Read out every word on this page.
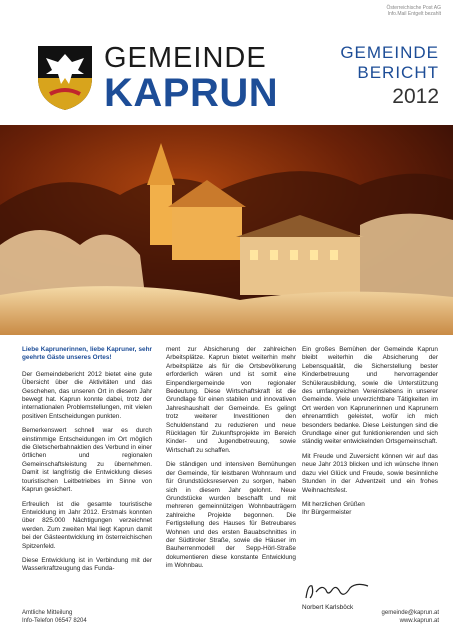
Österreichische Post AG
Info.Mail Entgelt bezahlt
GEMEINDE
KAPRUN
GEMEINDE
BERICHT
2012

Liebe Kaprunerinnen, liebe Kapruner, sehr geehrte Gäste unseres Ortes!

Der Gemeindebericht 2012 bietet eine gute Übersicht über die Aktivitäten und das Geschehen, das unseren Ort in diesem Jahr bewegt hat. Kaprun konnte dabei, trotz der internationalen Problemstellungen, mit vielen positiven Entscheidungen punkten.

Bemerkenswert schnell war es durch einstimmige Entscheidungen im Ort möglich die Gletscherbahnaktien des Verbund in einer örtlichen und regionalen Gemeinschaftsleistung zu übernehmen. Damit ist langfristig die Entwicklung dieses touristischen Leitbetriebes im Sinne von Kaprun gesichert.

Erfreulich ist die gesamte touristische Entwicklung im Jahr 2012. Erstmals konnten über 825.000 Nächtigungen verzeichnet werden. Zum zweiten Mal liegt Kaprun damit bei der Gästeentwicklung im österreichischen Spitzenfeld.

Diese Entwicklung ist in Verbindung mit der Wasserkraftzeugung das Funda-

ment zur Absicherung der zahlreichen Arbeitsplätze. Kaprun bietet weiterhin mehr Arbeitsplätze als für die Ortsbevölkerung erforderlich wären und ist somit eine Einpendlergemeinde von regionaler Bedeutung. Diese Wirtschaftskraft ist die Grundlage für einen stabilen und innovativen Jahreshaushalt der Gemeinde. Es gelingt trotz weiterer Investitionen den Schuldenstand zu reduzieren und neue Rücklagen für Zukunftsprojekte im Bereich Kinder- und Jugendbetreuung, sowie Wirtschaft zu schaffen.

Die ständigen und intensiven Bemühungen der Gemeinde, für leistbaren Wohnraum und für Grundstücksreserven zu sorgen, haben sich in diesem Jahr gelohnt. Neue Grundstücke wurden beschafft und mit mehreren gemeinnützigen Wohnbauträgern zahlreiche Projekte begonnen. Die Fertigstellung des Hauses für Betreubares Wohnen und des ersten Bauabschnittes in der Südtiroler Straße, sowie die Häuser im Bauherrenmodell der Sepp-Hörl-Straße dokumentieren diese konstante Entwicklung im Wohnbau.

Ein großes Bemühen der Gemeinde Kaprun bleibt weiterhin die Absicherung der Lebensqualität, die Sicherstellung bester Kinderbetreuung und hervorragender Schülerausbildung, sowie die Unterstützung des umfangreichen Vereinslebens in unserer Gemeinde. Viele unverzichtbare Tätigkeiten im Ort werden von Kaprunerinnen und Kaprunern ehrenamtlich geleistet, wofür ich mich besonders bedanke. Diese Leistungen sind die Grundlage einer gut funktionierenden und sich ständig weiter entwickelnden Ortsgemeinschaft.

Mit Freude und Zuversicht können wir auf das neue Jahr 2013 blicken und ich wünsche Ihnen dazu viel Glück und Freude, sowie besinnliche Stunden in der Adventzeit und ein frohes Weihnachtsfest.

Mit herzlichen Grüßen

Ihr Bürgermeister

Norbert Karlsböck
Amtliche Mitteilung
Info-Telefon 06547 8204
gemeinde@kaprun.at
www.kaprun.at
